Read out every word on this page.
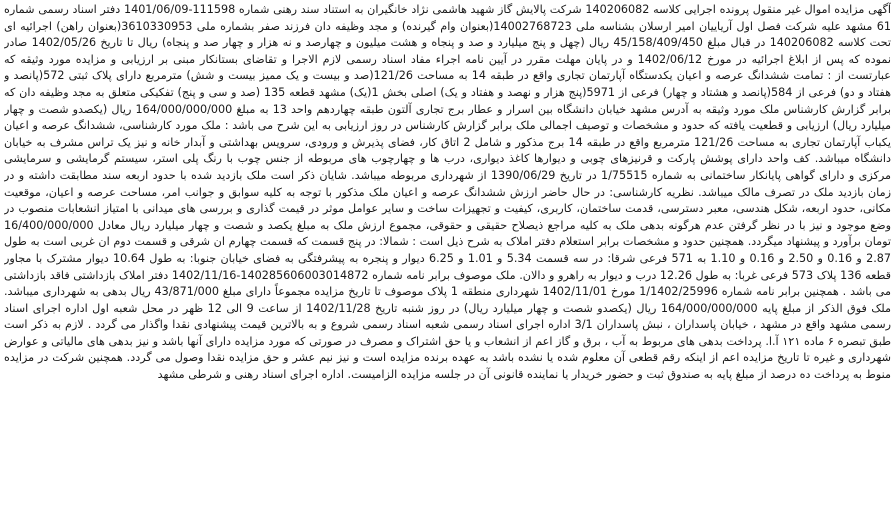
آگهی مزایده اموال غیر منقول پرونده اجرایی کلاسه 140206082 شرکت پالایش گاز شهید هاشمی نژاد خانگیران به استناد سند رهنی شماره 111598-1401/06/09 دفتر اسناد رسمی شماره 61 مشهد علیه شرکت فصل اول آریاییان امیر ارسلان بشناسه ملی 14002768723(بعنوان وام گیرنده) و مجد وظیفه دان فرزند صفر بشماره ملی 3610330953(بعنوان راهن) اجرائیه ای تحت کلاسه 140206082 در قبال مبلغ 45/158/409/450 ریال (چهل و پنج میلیارد و صد و پنجاه و هشت میلیون و چهارصد و نه هزار و چهار صد و پنجاه) ریال تا تاریخ 1402/05/26 صادر نموده که پس از ابلاغ اجرائیه در مورخ 1402/06/12 و در پایان مهلت مقرر در آیین نامه اجراء مفاد اسناد رسمی لازم الاجرا و تقاضای بستانکار مبنی بر ارزیابی و مزایده مورد وثیقه که عبارتست از : تمامت ششدانگ عرصه و اعیان یکدستگاه آپارتمان تجاری واقع در طبقه 14 به مساحت 121/26(صد و بیست و یک ممیز بیست و شش) مترمربع دارای پلاک ثبتی 572(پانصد و هفتاد و دو) فرعی از 584(پانصد و هشتاد و چهار) فرعی از 5971(پنج هزار و نهصد و هفتاد و یک) اصلی بخش 1(یک) مشهد قطعه 135 (صد و سی و پنج) تفکیکی متعلق به مجد وظیفه دان که برابر گزارش کارشناس ملک مورد وثیقه به آدرس مشهد خیابان دانشگاه بین اسرار و عطار برج تجاری آلتون طبقه چهاردهم واحد 13 به مبلغ 164/000/000/000 ریال (یکصدو شصت و چهار میلیارد ریال) ارزیابی و قطعیت یافته که حدود و مشخصات و توصیف اجمالی ملک برابر گزارش کارشناس در روز ارزیابی به این شرح می باشد : ملک مورد کارشناسی، ششدانگ عرصه و اعیان یکباب آپارتمان تجاری به مساحت 121/26 مترمربع واقع در طبقه 14 برج مذکور و شامل 2 اتاق کار، فضای پذیرش و ورودی، سرویس بهداشتی و آبدار خانه و نیز یک تراس مشرف به خیابان دانشگاه میباشد. کف واحد دارای پوشش پارکت و قرنیزهای چوبی و دیوارها کاغذ دیواری، درب ها و چهارچوب های مربوطه از جنس چوب با رنگ پلی استر، سیستم گرمایشی و سرمایشی مرکزی و دارای گواهی پایانکار ساختمانی به شماره 1/75515 در تاریخ 1390/06/29 از شهرداری مربوطه میباشد. شایان ذکر است ملک بازدید شده با حدود اربعه سند مطابقت داشته و در زمان بازدید ملک در تصرف مالک میباشد. نظریه کارشناسی: در حال حاضر ارزش ششدانگ عرصه و اعیان ملک مذکور با توجه به کلیه سوابق و جوانب امر، مساحت عرصه و اعیان، موقعیت مکانی، حدود اربعه، شکل هندسی، معبر دسترسی، قدمت ساختمان، کاربری، کیفیت و تجهیزات ساخت و سایر عوامل موثر در قیمت گذاری و بررسی های میدانی با امتیاز انشعابات منصوب در وضع موجود و نیز با در نظر گرفتن عدم هرگونه بدهی ملک به کلیه مراجع ذیصلاح حقیقی و حقوقی، مجموع ارزش ملک به مبلغ یکصد و شصت و چهار میلیارد ریال معادل 16/400/000/000 تومان برآورد و پیشنهاد میگردد. همچنین حدود و مشخصات برابر استعلام دفتر املاک به شرح ذیل است : شمالا: در پنج قسمت که قسمت چهارم ان شرقی و قسمت دوم ان غربی است به طول 2.87 و 0.16 و 2.50 و 0.16 و 1.10 به 571 فرعی شرقا: در سه قسمت 5.34 و 1.01 و 6.25 دیوار و پنجره به پیشرفتگی به فضای خیابان جنوبا: به طول 10.64 دیوار مشترک با مجاور قطعه 136 پلاک 573 فرعی غربا: به طول 12.26 درب و دیوار به راهرو و دالان. ملک موصوف برابر نامه شماره 140285606003014872-1402/11/16 دفتر املاک بازداشتی فاقد بازداشتی می باشد . همچنین برابر نامه شماره 1/1402/25996 مورخ 1402/11/01 شهرداری منطقه 1 پلاک موصوف تا تاریخ مزایده مجموعاً دارای مبلغ 43/871/000 ریال بدهی به شهرداری میباشد. ملک فوق الذکر از مبلغ پایه 164/000/000/000 ریال (یکصدو شصت و چهار میلیارد ریال) در روز شنبه تاریخ 1402/11/28 از ساعت 9 الی 12 ظهر در محل شعبه اول اداره اجرای اسناد رسمی مشهد واقع در مشهد ، خیابان پاسداران ، نبش پاسداران 3/1 اداره اجرای اسناد رسمی شعبه اسناد رسمی شروع و به بالاترین قیمت پیشنهادی نقدا واگذار می گردد . لازم به ذکر است طبق تبصره ۶ ماده ۱۲۱ آ.ا. پرداخت بدهی های مربوط به آب ، برق و گاز اعم از انشعاب و یا حق اشتراک و مصرف در صورتی که مورد مزایده دارای آنها باشد و نیز بدهی های مالیاتی و عوارض شهرداری و غیره تا تاریخ مزایده اعم از اینکه رقم قطعی آن معلوم شده یا نشده باشد به عهده برنده مزایده است و نیز نیم عشر و حق مزایده نقدا وصول می گردد. همچنین شرکت در مزایده منوط به پرداخت ده درصد از مبلغ پایه به صندوق ثبت و حضور خریدار یا نماینده قانونی آن در جلسه مزایده الزامیست. اداره اجرای اسناد رهنی و شرطی مشهد
